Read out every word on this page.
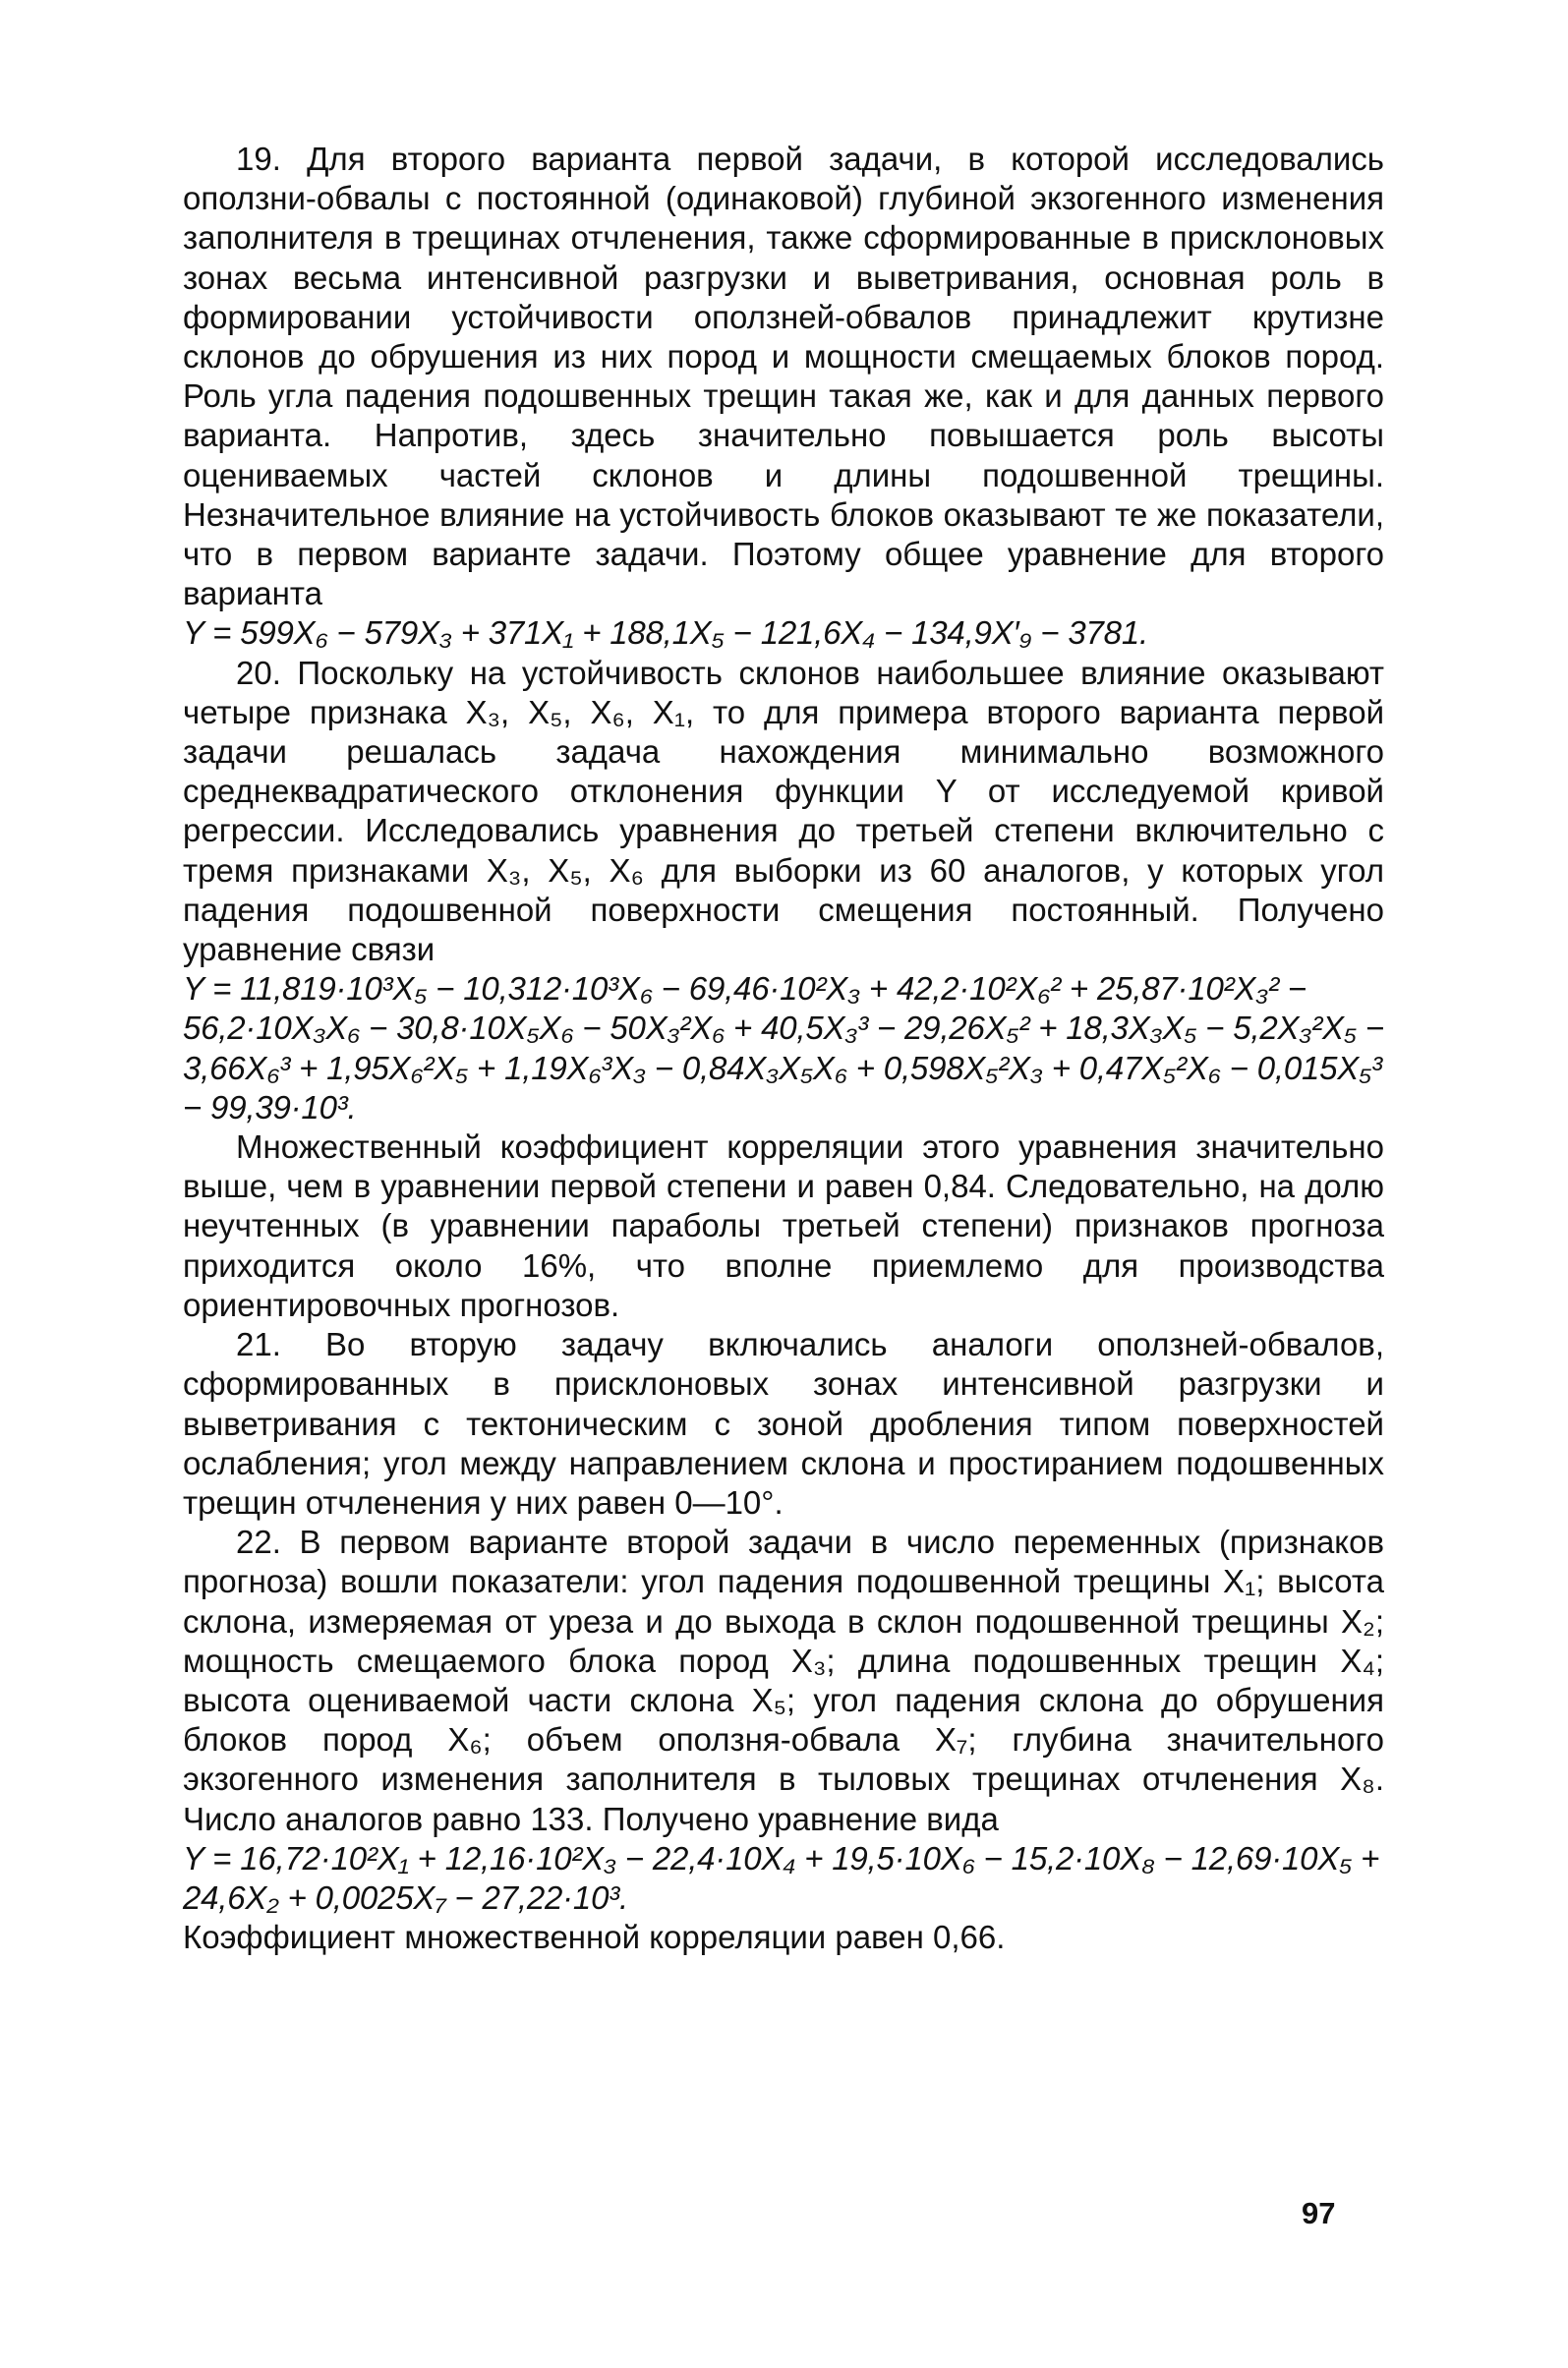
19. Для второго варианта первой задачи, в которой исследовались оползни-обвалы с постоянной (одинаковой) глубиной экзогенного изменения заполнителя в трещинах отчленения, также сформированные в присклоновых зонах весьма интенсивной разгрузки и выветривания, основная роль в формировании устойчивости оползней-обвалов принадлежит крутизне склонов до обрушения из них пород и мощности смещаемых блоков пород. Роль угла падения подошвенных трещин такая же, как и для данных первого варианта. Напротив, здесь значительно повышается роль высоты оцениваемых частей склонов и длины подошвенной трещины. Незначительное влияние на устойчивость блоков оказывают те же показатели, что в первом варианте задачи. Поэтому общее уравнение для второго варианта

Y = 599X₆ − 579X₃ + 371X₁ + 188,1X₅ − 121,6X₄ − 134,9X′₉ − 3781.

20. Поскольку на устойчивость склонов наибольшее влияние оказывают четыре признака X₃, X₅, X₆, X₁, то для примера второго варианта первой задачи решалась задача нахождения минимально возможного среднеквадратического отклонения функции Y от исследуемой кривой регрессии. Исследовались уравнения до третьей степени включительно с тремя признаками X₃, X₅, X₆ для выборки из 60 аналогов, у которых угол падения подошвенной поверхности смещения постоянный. Получено уравнение связи

Y = 11,819·10³X₅ − 10,312·10³X₆ − 69,46·10²X₃ + 42,2·10²X₆² + 25,87·10²X₃² − 56,2·10X₃X₆ − 30,8·10X₅X₆ − 50X₃²X₆ + 40,5X₃³ − 29,26X₅² + 18,3X₃X₅ − 5,2X₃²X₅ − 3,66X₆³ + 1,95X₆²X₅ + 1,19X₆³X₃ − 0,84X₃X₅X₆ + 0,598X₅²X₃ + 0,47X₅²X₆ − 0,015X₅³ − 99,39·10³.

Множественный коэффициент корреляции этого уравнения значительно выше, чем в уравнении первой степени и равен 0,84. Следовательно, на долю неучтенных (в уравнении параболы третьей степени) признаков прогноза приходится около 16%, что вполне приемлемо для производства ориентировочных прогнозов.

21. Во вторую задачу включались аналоги оползней-обвалов, сформированных в присклоновых зонах интенсивной разгрузки и выветривания с тектоническим с зоной дробления типом поверхностей ослабления; угол между направлением склона и простиранием подошвенных трещин отчленения у них равен 0—10°.

22. В первом варианте второй задачи в число переменных (признаков прогноза) вошли показатели: угол падения подошвенной трещины X₁; высота склона, измеряемая от уреза и до выхода в склон подошвенной трещины X₂; мощность смещаемого блока пород X₃; длина подошвенных трещин X₄; высота оцениваемой части склона X₅; угол падения склона до обрушения блоков пород X₆; объем оползня-обвала X₇; глубина значительного экзогенного изменения заполнителя в тыловых трещинах отчленения X₈. Число аналогов равно 133. Получено уравнение вида

Y = 16,72·10²X₁ + 12,16·10²X₃ − 22,4·10X₄ + 19,5·10X₆ − 15,2·10X₈ − 12,69·10X₅ + 24,6X₂ + 0,0025X₇ − 27,22·10³.
Коэффициент множественной корреляции равен 0,66.
97
